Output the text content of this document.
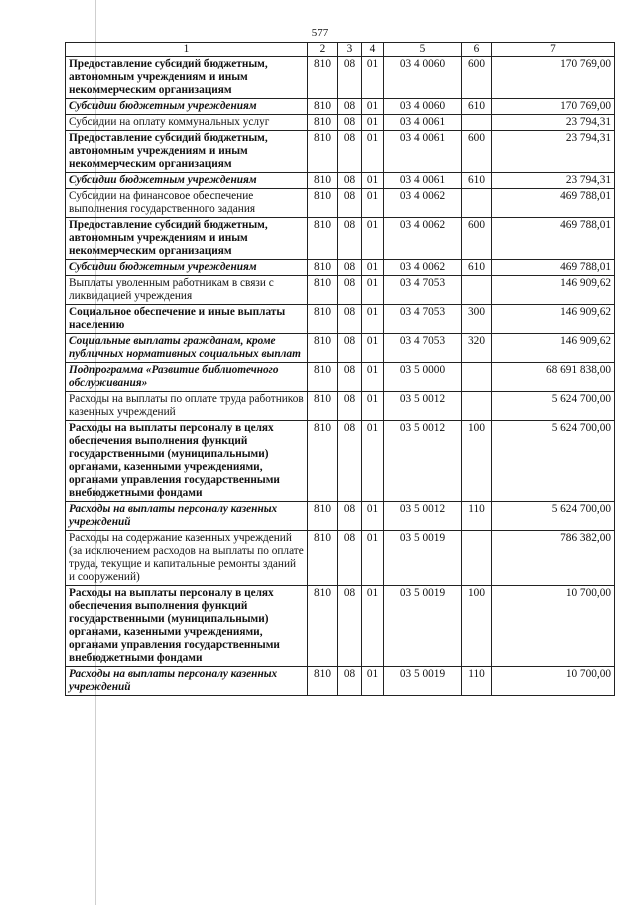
577
1	2	3	4	5	6	7
Предоставление субсидий бюджетным, автономным учреждениям и иным некоммерческим организациям	810	08	01	03 4 0060	600	170 769,00
Субсидии бюджетным учреждениям	810	08	01	03 4 0060	610	170 769,00
Субсидии на оплату коммунальных услуг	810	08	01	03 4 0061		23 794,31
Предоставление субсидий бюджетным, автономным учреждениям и иным некоммерческим организациям	810	08	01	03 4 0061	600	23 794,31
Субсидии бюджетным учреждениям	810	08	01	03 4 0061	610	23 794,31
Субсидии на финансовое обеспечение выполнения государственного задания	810	08	01	03 4 0062		469 788,01
Предоставление субсидий бюджетным, автономным учреждениям и иным некоммерческим организациям	810	08	01	03 4 0062	600	469 788,01
Субсидии бюджетным учреждениям	810	08	01	03 4 0062	610	469 788,01
Выплаты уволенным работникам в связи с ликвидацией учреждения	810	08	01	03 4 7053		146 909,62
Социальное обеспечение и иные выплаты населению	810	08	01	03 4 7053	300	146 909,62
Социальные выплаты гражданам, кроме публичных нормативных социальных выплат	810	08	01	03 4 7053	320	146 909,62
Подпрограмма «Развитие библиотечного обслуживания»	810	08	01	03 5 0000		68 691 838,00
Расходы на выплаты по оплате труда работников казенных учреждений	810	08	01	03 5 0012		5 624 700,00
Расходы на выплаты персоналу в целях обеспечения выполнения функций государственными (муниципальными) органами, казенными учреждениями, органами управления государственными внебюджетными фондами	810	08	01	03 5 0012	100	5 624 700,00
Расходы на выплаты персоналу казенных учреждений	810	08	01	03 5 0012	110	5 624 700,00
Расходы на содержание казенных учреждений (за исключением расходов на выплаты по оплате труда, текущие и капитальные ремонты зданий и сооружений)	810	08	01	03 5 0019		786 382,00
Расходы на выплаты персоналу в целях обеспечения выполнения функций государственными (муниципальными) органами, казенными учреждениями, органами управления государственными внебюджетными фондами	810	08	01	03 5 0019	100	10 700,00
Расходы на выплаты персоналу казенных учреждений	810	08	01	03 5 0019	110	10 700,00
